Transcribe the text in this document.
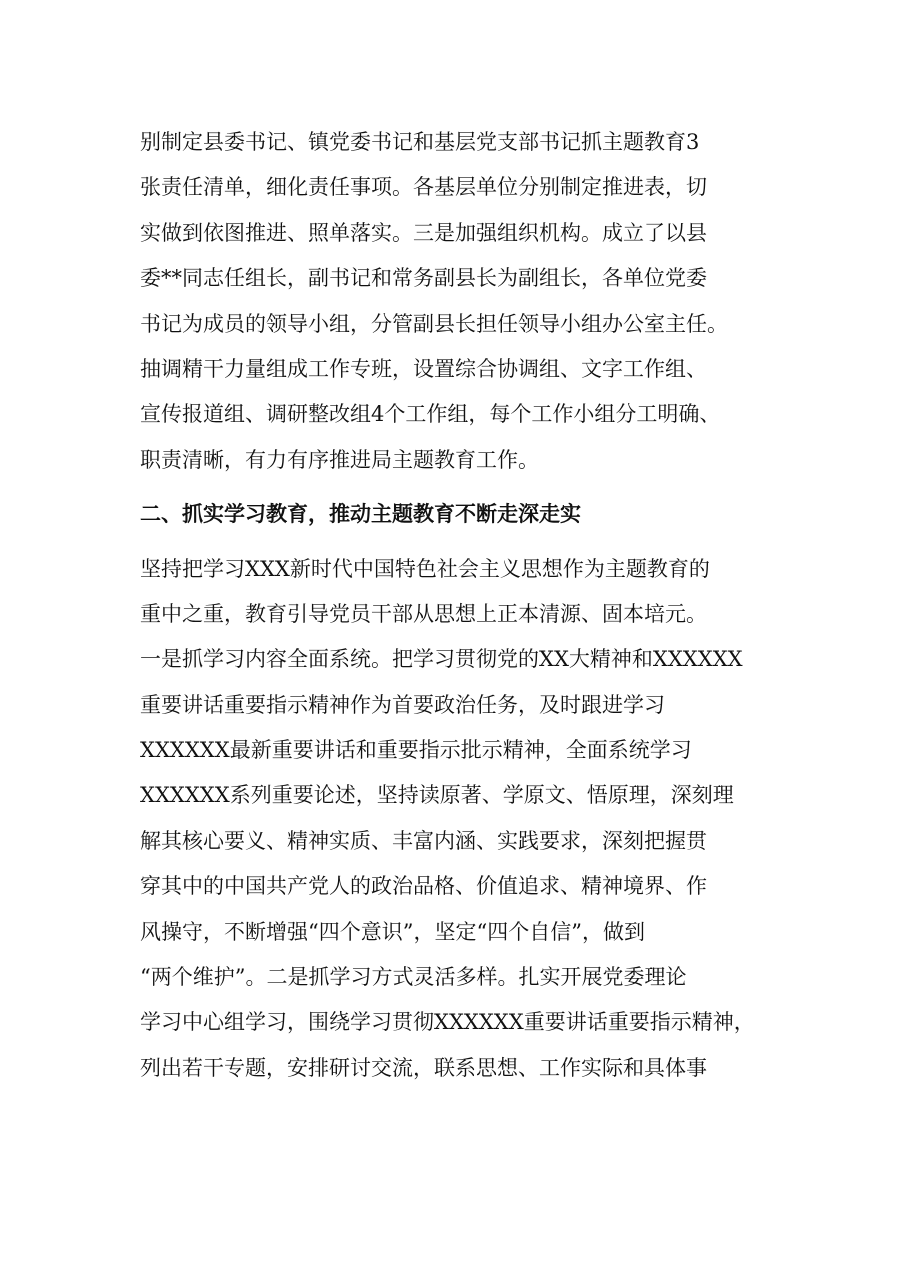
别制定县委书记、镇党委书记和基层党支部书记抓主题教育3
张责任清单，细化责任事项。各基层单位分别制定推进表，切
实做到依图推进、照单落实。三是加强组织机构。成立了以县
委**同志任组长，副书记和常务副县长为副组长，各单位党委
书记为成员的领导小组，分管副县长担任领导小组办公室主任。
抽调精干力量组成工作专班，设置综合协调组、文字工作组、
宣传报道组、调研整改组4个工作组，每个工作小组分工明确、
职责清晰，有力有序推进局主题教育工作。
二、抓实学习教育，推动主题教育不断走深走实
坚持把学习XXX新时代中国特色社会主义思想作为主题教育的
重中之重，教育引导党员干部从思想上正本清源、固本培元。
一是抓学习内容全面系统。把学习贯彻党的XX大精神和XXXXXX
重要讲话重要指示精神作为首要政治任务，及时跟进学习
XXXXXX最新重要讲话和重要指示批示精神，全面系统学习
XXXXXX系列重要论述，坚持读原著、学原文、悟原理，深刻理
解其核心要义、精神实质、丰富内涵、实践要求，深刻把握贯
穿其中的中国共产党人的政治品格、价值追求、精神境界、作
风操守，不断增强“四个意识”，坚定“四个自信”，做到
“两个维护”。二是抓学习方式灵活多样。扎实开展党委理论
学习中心组学习，围绕学习贯彻XXXXXX重要讲话重要指示精神，
列出若干专题，安排研讨交流，联系思想、工作实际和具体事
